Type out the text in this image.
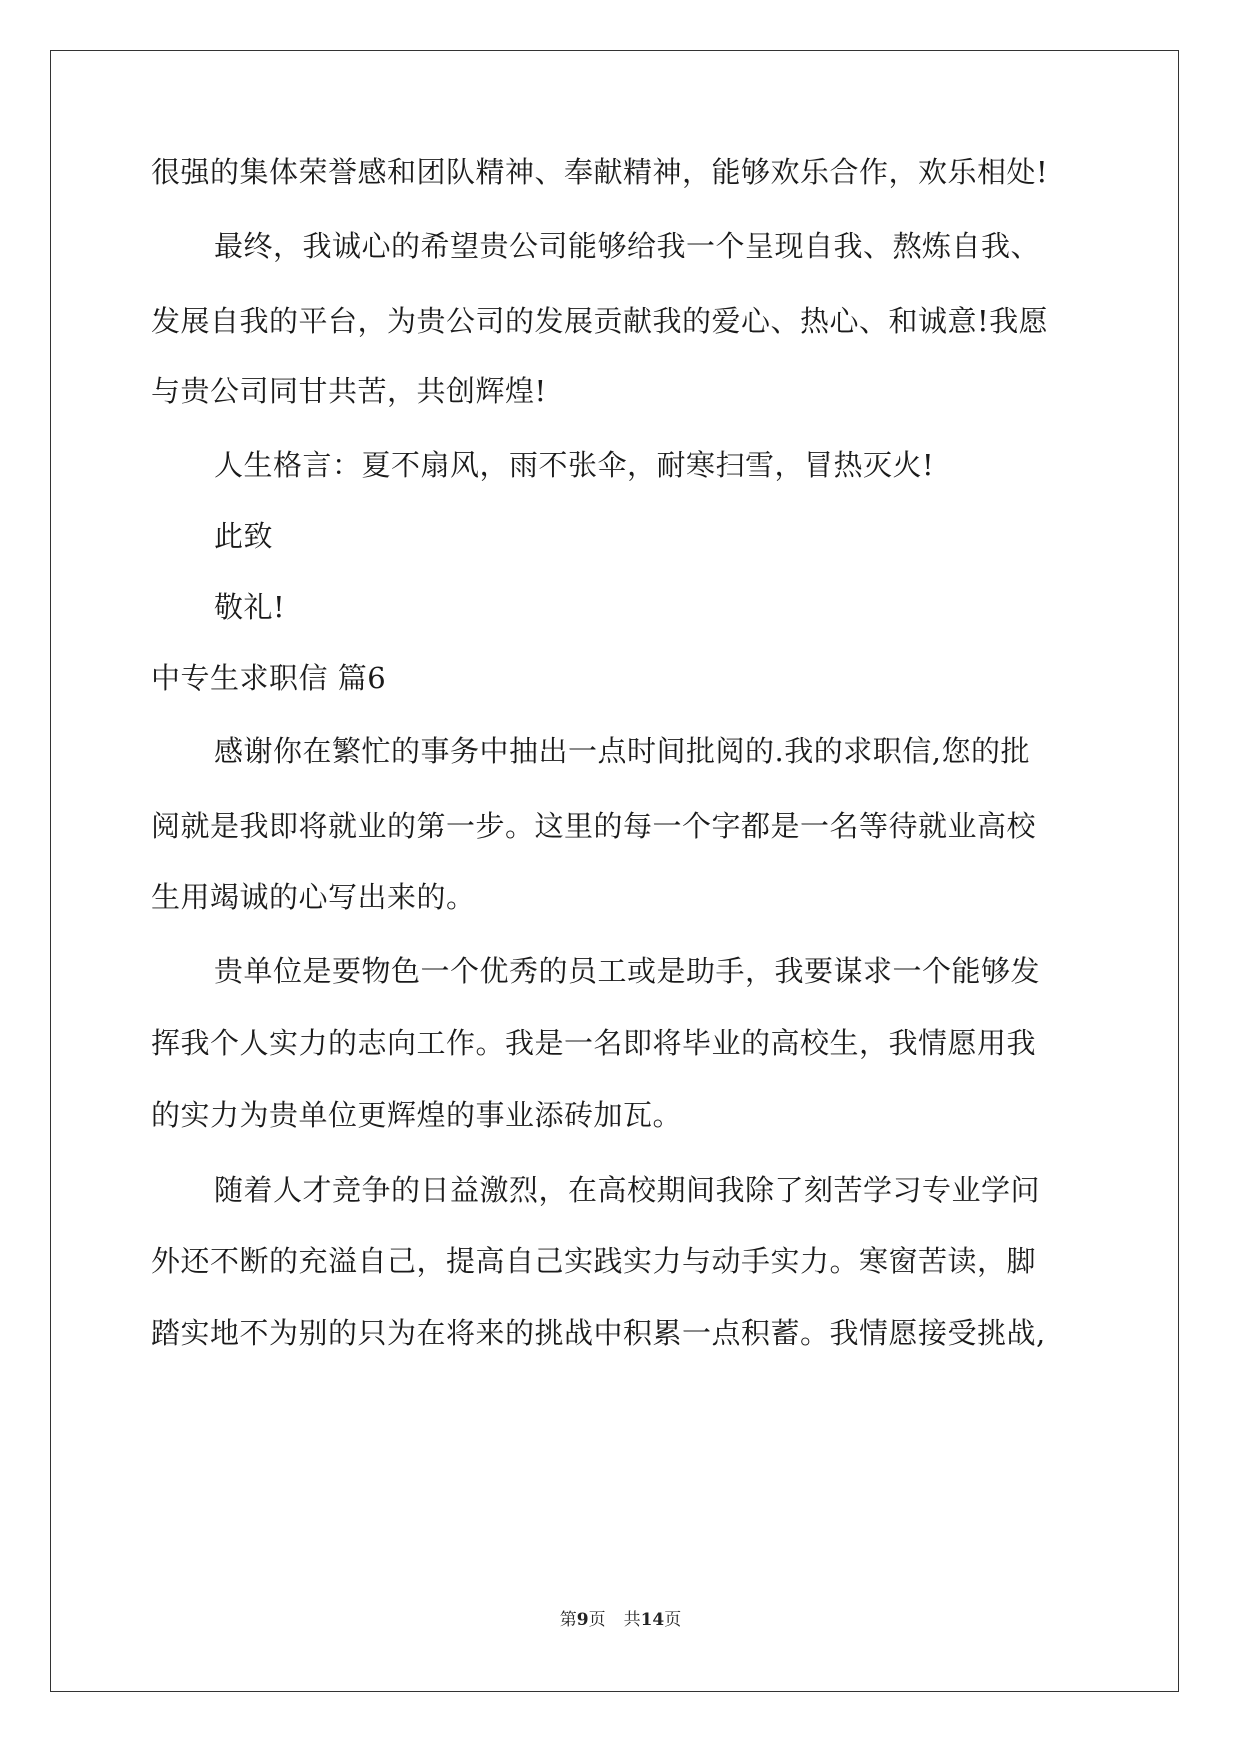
很强的集体荣誉感和团队精神、奉献精神，能够欢乐合作，欢乐相处!
最终，我诚心的希望贵公司能够给我一个呈现自我、熬炼自我、
发展自我的平台，为贵公司的发展贡献我的爱心、热心、和诚意!我愿
与贵公司同甘共苦，共创辉煌!
人生格言：夏不扇风，雨不张伞，耐寒扫雪，冒热灭火!
此致
敬礼!
中专生求职信 篇6
感谢你在繁忙的事务中抽出一点时间批阅的.我的求职信,您的批
阅就是我即将就业的第一步。这里的每一个字都是一名等待就业高校
生用竭诚的心写出来的。
贵单位是要物色一个优秀的员工或是助手，我要谋求一个能够发
挥我个人实力的志向工作。我是一名即将毕业的高校生，我情愿用我
的实力为贵单位更辉煌的事业添砖加瓦。
随着人才竞争的日益激烈，在高校期间我除了刻苦学习专业学问
外还不断的充溢自己，提高自己实践实力与动手实力。寒窗苦读，脚
踏实地不为别的只为在将来的挑战中积累一点积蓄。我情愿接受挑战,
第9页 共14页
